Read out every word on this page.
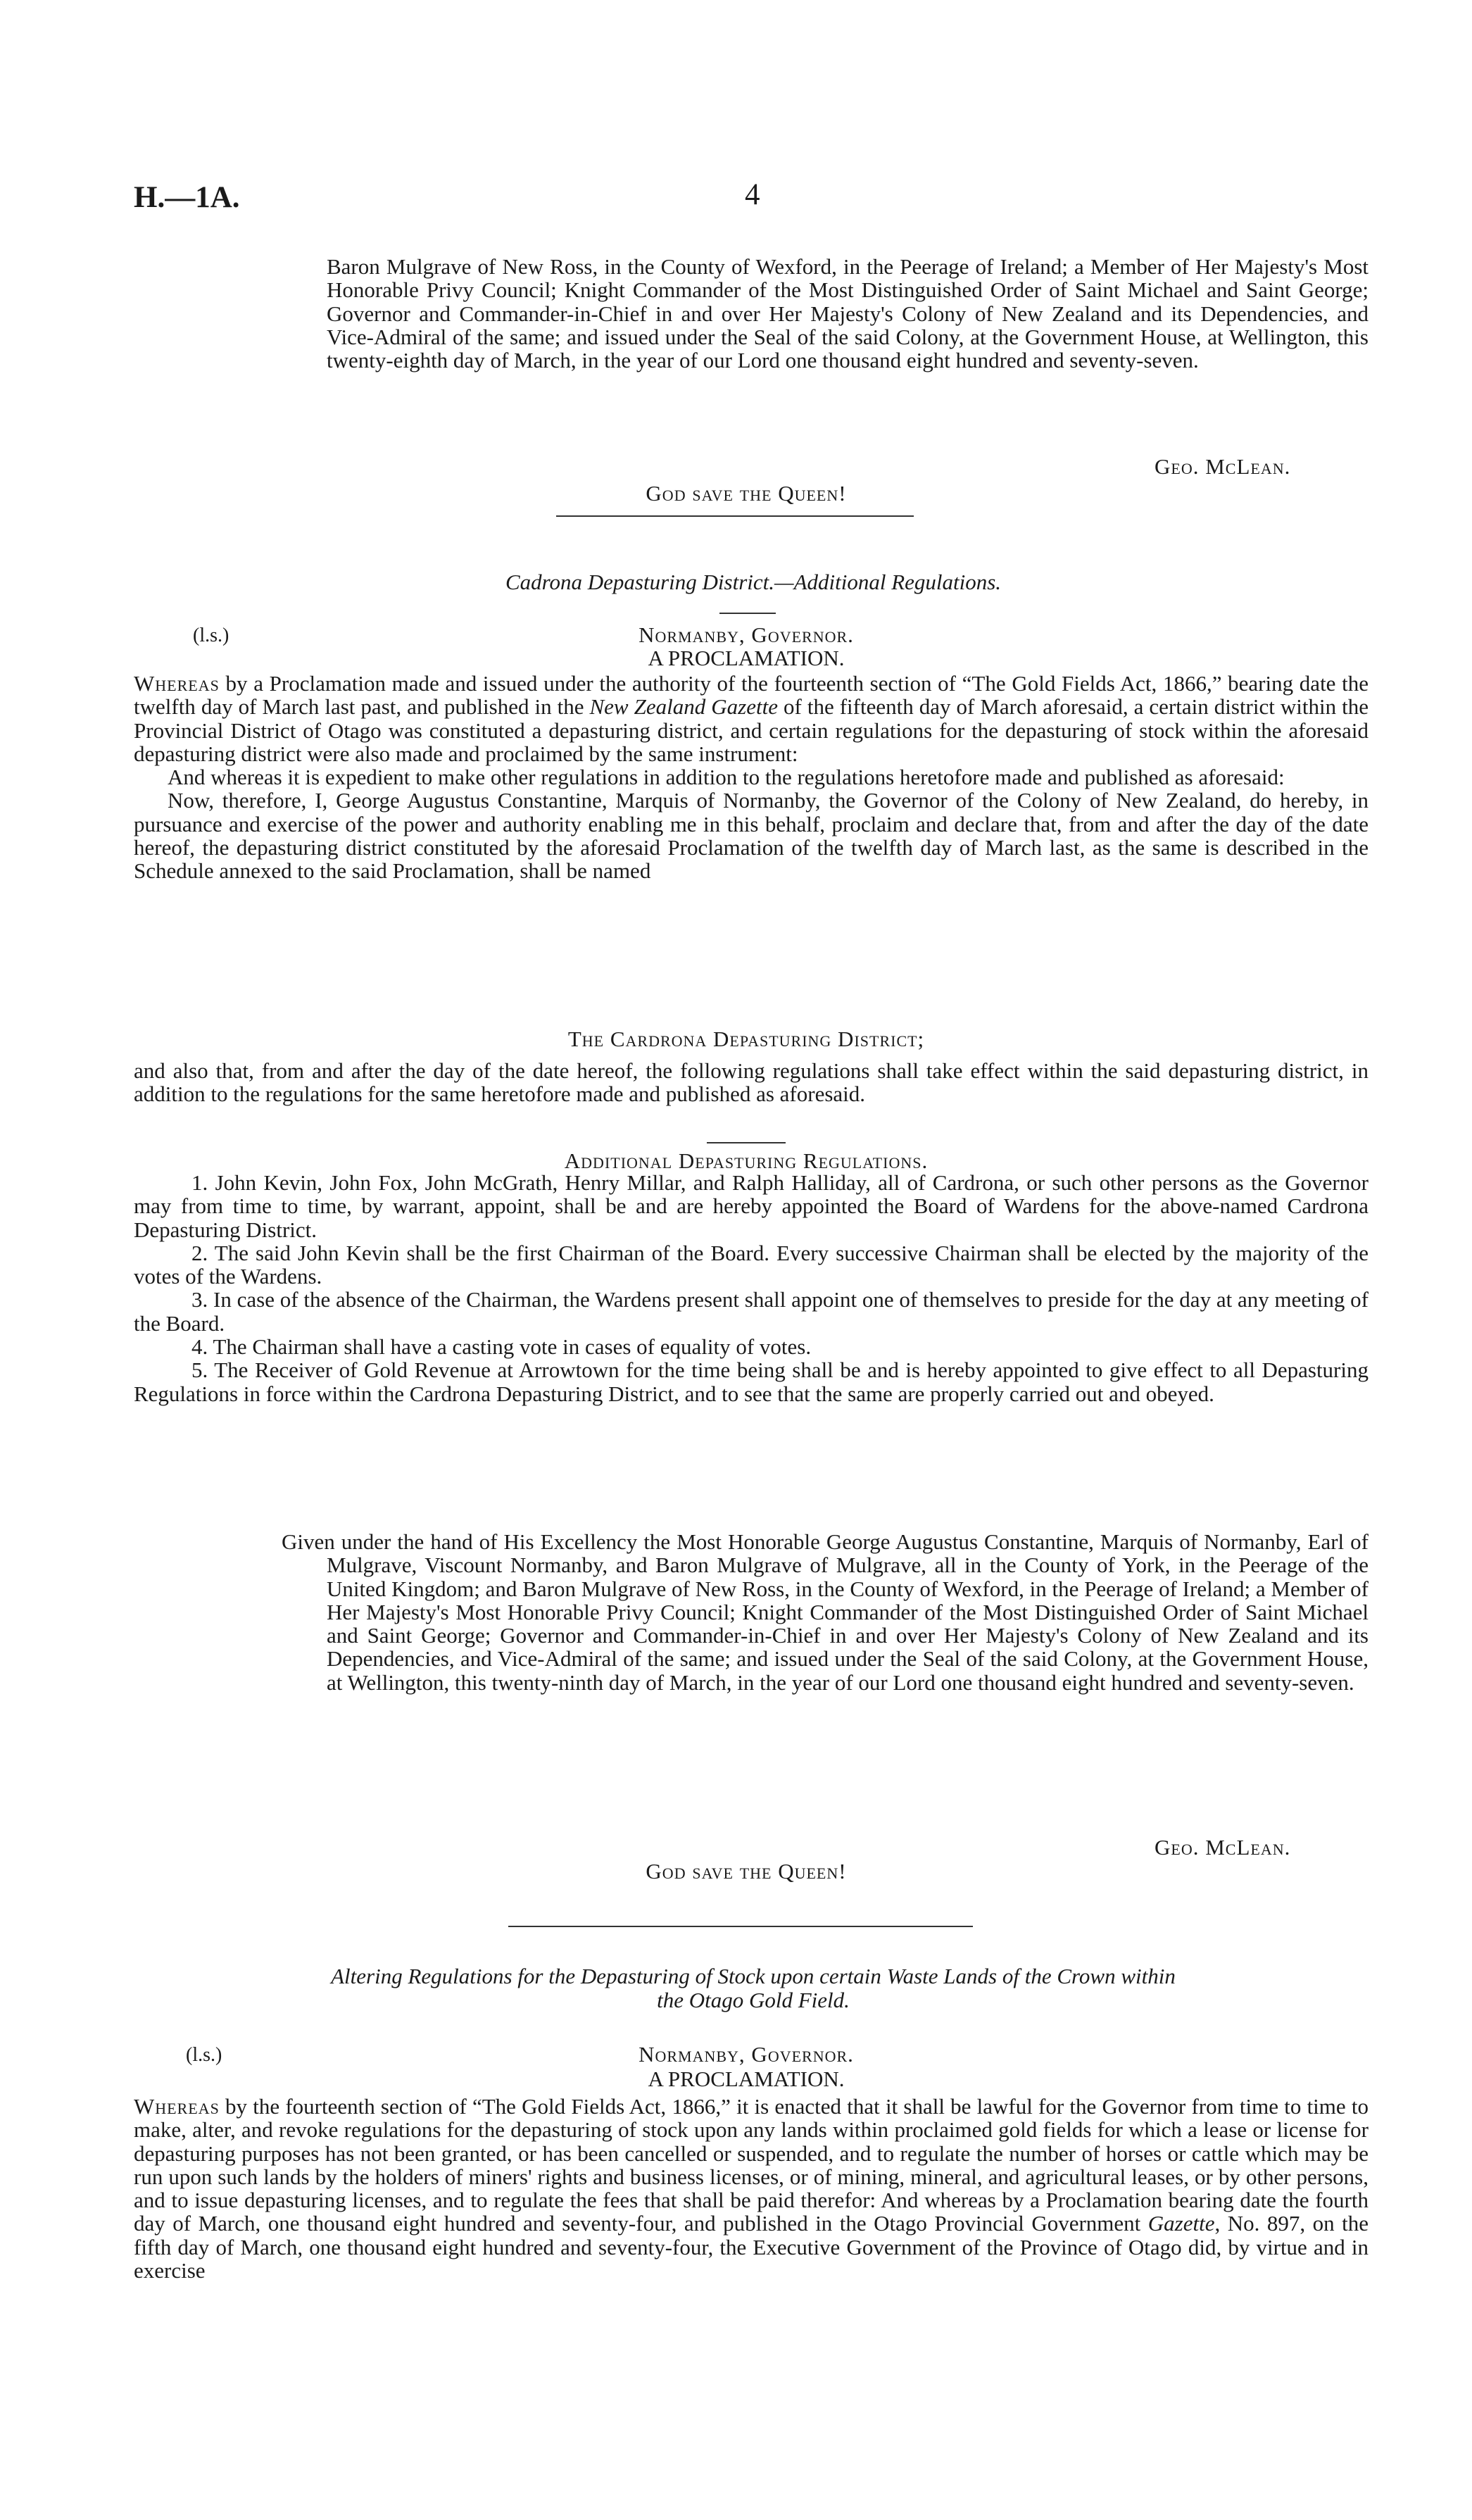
H.—1A.	4
Baron Mulgrave of New Ross, in the County of Wexford, in the Peerage of Ireland; a Member of Her Majesty's Most Honorable Privy Council; Knight Commander of the Most Distinguished Order of Saint Michael and Saint George; Governor and Commander-in-Chief in and over Her Majesty's Colony of New Zealand and its Dependencies, and Vice-Admiral of the same; and issued under the Seal of the said Colony, at the Government House, at Wellington, this twenty-eighth day of March, in the year of our Lord one thousand eight hundred and seventy-seven.
Geo. McLean.
God save the Queen!
Cadrona Depasturing District.—Additional Regulations.
(l.s.)	Normanby, Governor.
A PROCLAMATION.

Whereas by a Proclamation made and issued under the authority of the fourteenth section of “The Gold Fields Act, 1866,” bearing date the twelfth day of March last past, and published in the New Zealand Gazette of the fifteenth day of March aforesaid, a certain district within the Provincial District of Otago was constituted a depasturing district, and certain regulations for the depasturing of stock within the aforesaid depasturing district were also made and proclaimed by the same instrument:

And whereas it is expedient to make other regulations in addition to the regulations heretofore made and published as aforesaid:

Now, therefore, I, George Augustus Constantine, Marquis of Normanby, the Governor of the Colony of New Zealand, do hereby, in pursuance and exercise of the power and authority enabling me in this behalf, proclaim and declare that, from and after the day of the date hereof, the depasturing district constituted by the aforesaid Proclamation of the twelfth day of March last, as the same is described in the Schedule annexed to the said Proclamation, shall be named

The Cardrona Depasturing District;
and also that, from and after the day of the date hereof, the following regulations shall take effect within the said depasturing district, in addition to the regulations for the same heretofore made and published as aforesaid.
Additional Depasturing Regulations.

1. John Kevin, John Fox, John McGrath, Henry Millar, and Ralph Halliday, all of Cardrona, or such other persons as the Governor may from time to time, by warrant, appoint, shall be and are hereby appointed the Board of Wardens for the above-named Cardrona Depasturing District.

2. The said John Kevin shall be the first Chairman of the Board. Every successive Chairman shall be elected by the majority of the votes of the Wardens.

3. In case of the absence of the Chairman, the Wardens present shall appoint one of themselves to preside for the day at any meeting of the Board.

4. The Chairman shall have a casting vote in cases of equality of votes.

5. The Receiver of Gold Revenue at Arrowtown for the time being shall be and is hereby appointed to give effect to all Depasturing Regulations in force within the Cardrona Depasturing District, and to see that the same are properly carried out and obeyed.

Given under the hand of His Excellency the Most Honorable George Augustus Constantine, Marquis of Normanby, Earl of Mulgrave, Viscount Normanby, and Baron Mulgrave of Mulgrave, all in the County of York, in the Peerage of the United Kingdom; and Baron Mulgrave of New Ross, in the County of Wexford, in the Peerage of Ireland; a Member of Her Majesty's Most Honorable Privy Council; Knight Commander of the Most Distinguished Order of Saint Michael and Saint George; Governor and Commander-in-Chief in and over Her Majesty's Colony of New Zealand and its Dependencies, and Vice-Admiral of the same; and issued under the Seal of the said Colony, at the Government House, at Wellington, this twenty-ninth day of March, in the year of our Lord one thousand eight hundred and seventy-seven.
Geo. McLean.
God save the Queen!
Altering Regulations for the Depasturing of Stock upon certain Waste Lands of the Crown within
the Otago Gold Field.
(l.s.)	Normanby, Governor.
A PROCLAMATION.

Whereas by the fourteenth section of “The Gold Fields Act, 1866,” it is enacted that it shall be lawful for the Governor from time to time to make, alter, and revoke regulations for the depasturing of stock upon any lands within proclaimed gold fields for which a lease or license for depasturing purposes has not been granted, or has been cancelled or suspended, and to regulate the number of horses or cattle which may be run upon such lands by the holders of miners' rights and business licenses, or of mining, mineral, and agricultural leases, or by other persons, and to issue depasturing licenses, and to regulate the fees that shall be paid therefor: And whereas by a Proclamation bearing date the fourth day of March, one thousand eight hundred and seventy-four, and published in the Otago Provincial Government Gazette, No. 897, on the fifth day of March, one thousand eight hundred and seventy-four, the Executive Government of the Province of Otago did, by virtue and in exercise
